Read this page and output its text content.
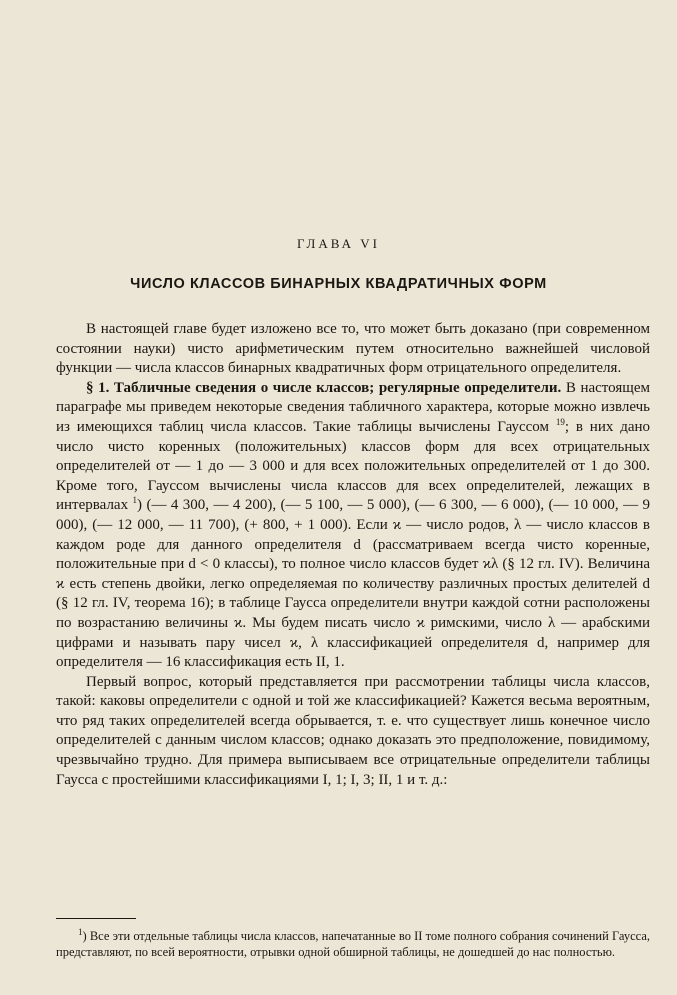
ГЛАВА VI
ЧИСЛО КЛАССОВ БИНАРНЫХ КВАДРАТИЧНЫХ ФОРМ

В настоящей главе будет изложено все то, что может быть доказано (при современном состоянии науки) чисто арифметическим путем относительно важнейшей числовой функции — числа классов бинарных квадратичных форм отрицательного определителя.

§ 1. Табличные сведения о числе классов; регулярные определители. В настоящем параграфе мы приведем некоторые сведения табличного характера, которые можно извлечь из имеющихся таблиц числа классов. Такие таблицы вычислены Гауссом $^{19}$; в них дано число чисто коренных (положительных) классов форм для всех отрицательных определителей от — 1 до — 3 000 и для всех положительных определителей от 1 до 300. Кроме того, Гауссом вычислены числа классов для всех определителей, лежащих в интервалах $^1$) (— 4 300, — 4 200), (— 5 100, — 5 000), (— 6 300, — 6 000), (— 10 000, — 9 000), (— 12 000, — 11 700), (+ 800, + 1 000). Если ϰ — число родов, λ — число классов в каждом роде для данного определителя d (рассматриваем всегда чисто коренные, положительные при d < 0 классы), то полное число классов будет ϰλ (§ 12 гл. IV). Величина ϰ есть степень двойки, легко определяемая по количеству различных простых делителей d (§ 12 гл. IV, теорема 16); в таблице Гаусса определители внутри каждой сотни расположены по возрастанию величины ϰ. Мы будем писать число ϰ римскими, число λ — арабскими цифрами и называть пару чисел ϰ, λ классификацией определителя d, например для определителя — 16 классификация есть II, 1.

Первый вопрос, который представляется при рассмотрении таблицы числа классов, такой: каковы определители с одной и той же классификацией? Кажется весьма вероятным, что ряд таких определителей всегда обрывается, т. е. что существует лишь конечное число определителей с данным числом классов; однако доказать это предположение, повидимому, чрезвычайно трудно. Для примера выписываем все отрицательные определители таблицы Гаусса с простейшими классификациями I, 1; I, 3; II, 1 и т. д.:

$^1$) Все эти отдельные таблицы числа классов, напечатанные во II томе полного собрания сочинений Гаусса, представляют, по всей вероятности, отрывки одной обширной таблицы, не дошедшей до нас полностью.
